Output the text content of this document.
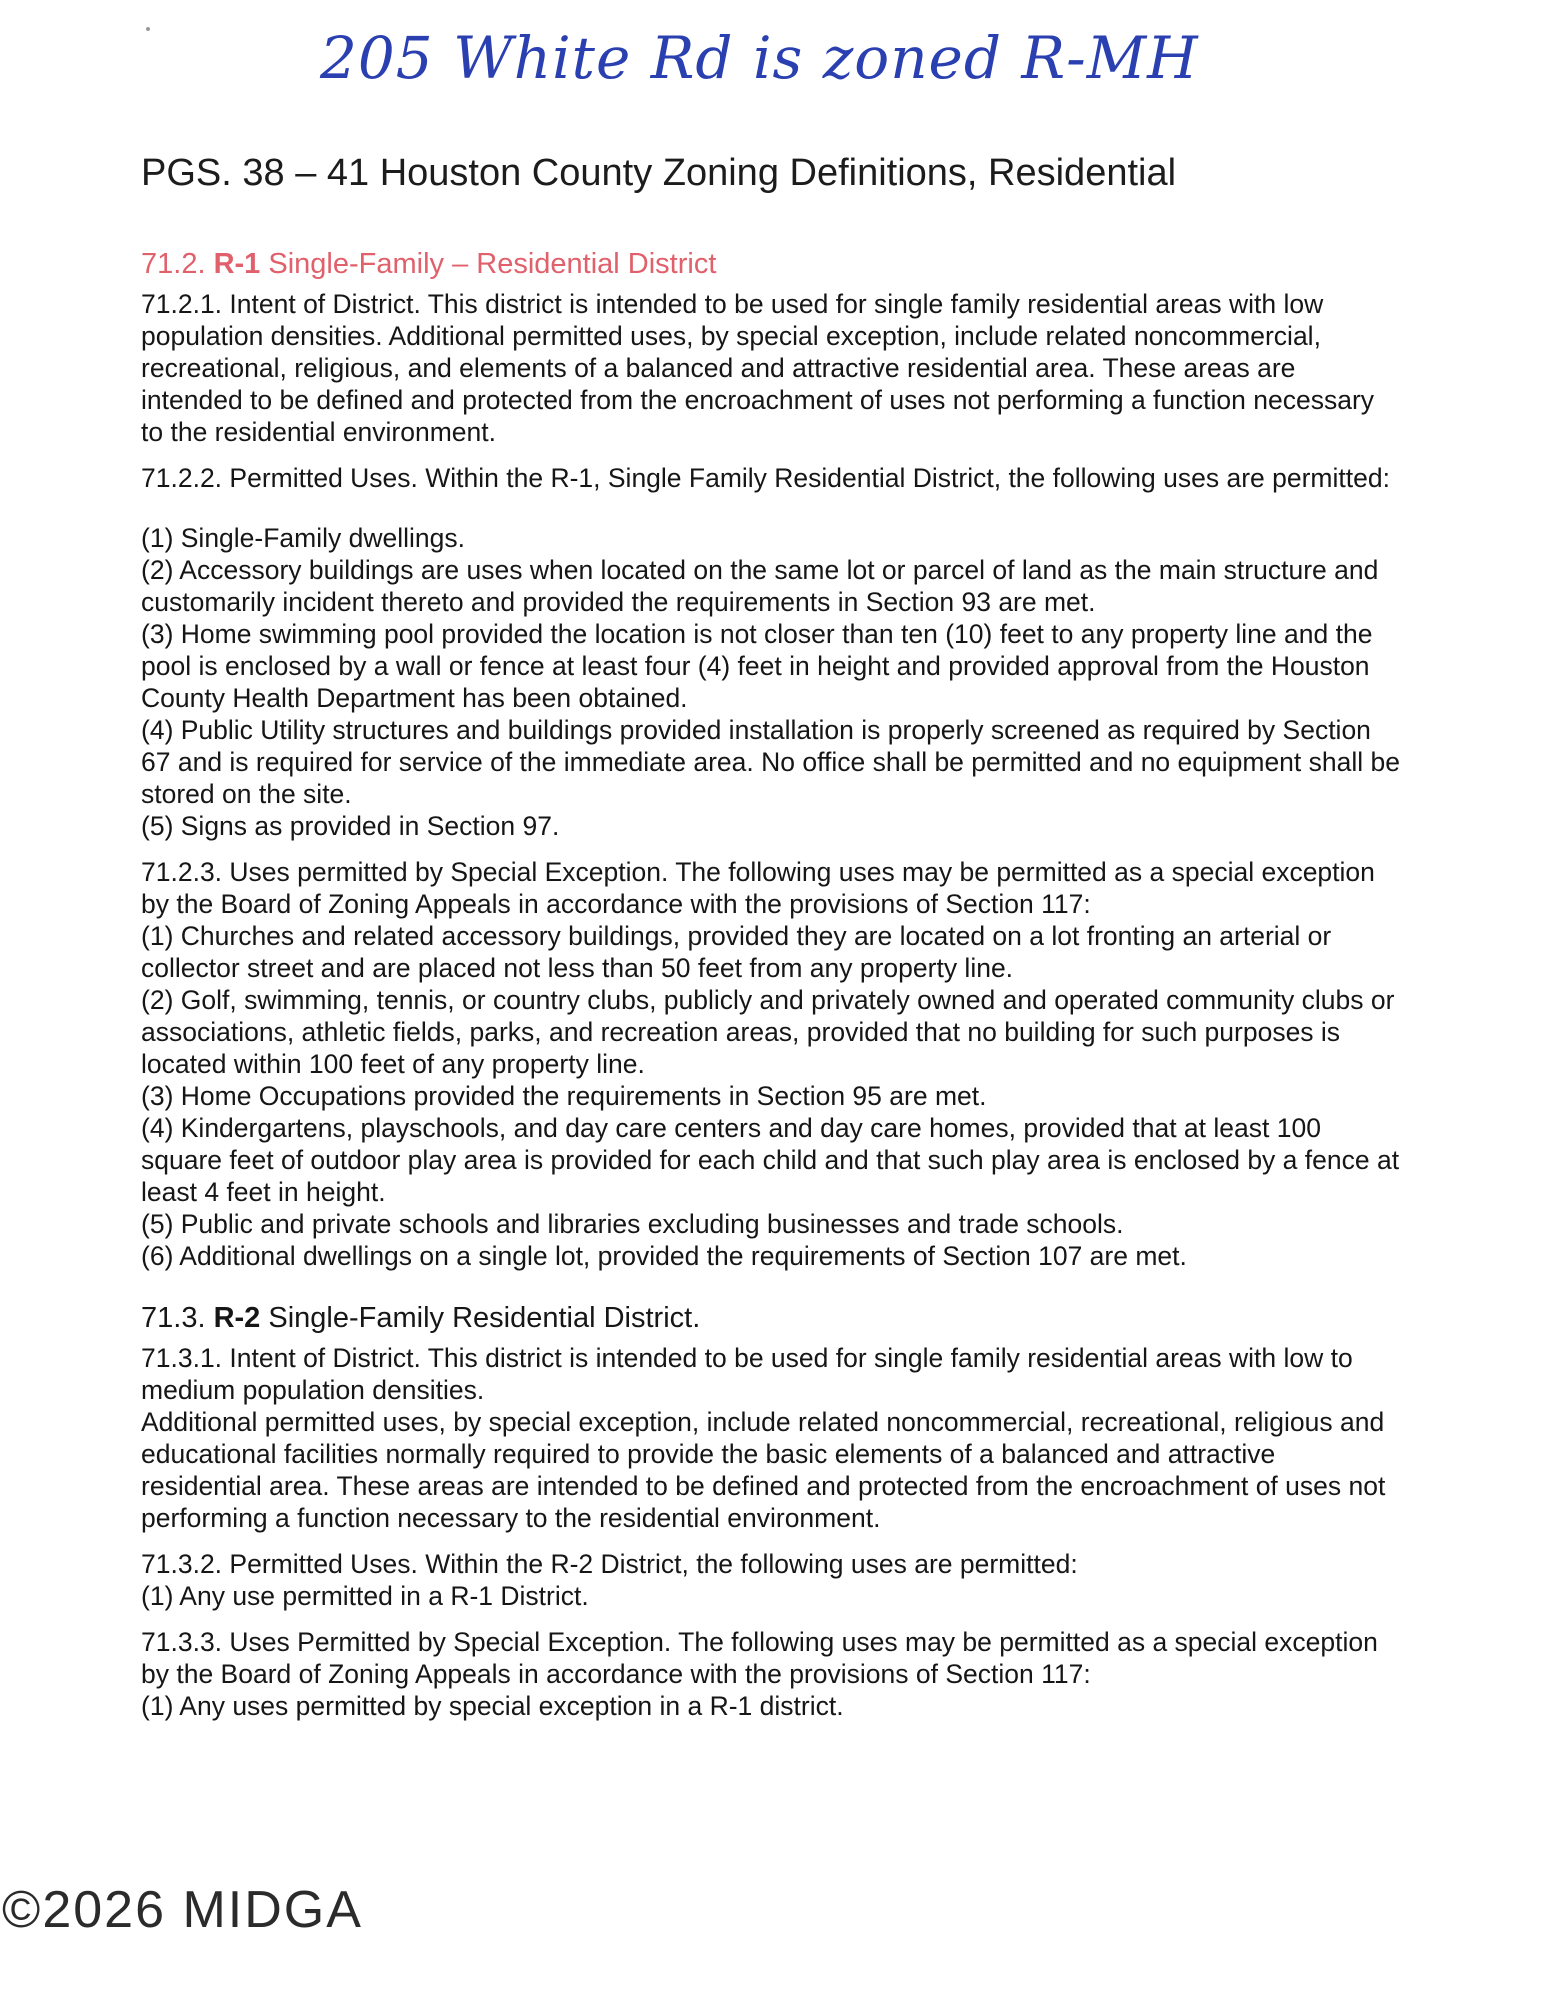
205 White Rd is zoned R-MH
PGS. 38 – 41 Houston County Zoning Definitions, Residential

71.2. R-1 Single-Family – Residential District

71.2.1. Intent of District. This district is intended to be used for single family residential areas with low population densities. Additional permitted uses, by special exception, include related noncommercial, recreational, religious, and elements of a balanced and attractive residential area. These areas are intended to be defined and protected from the encroachment of uses not performing a function necessary to the residential environment.

71.2.2. Permitted Uses. Within the R-1, Single Family Residential District, the following uses are permitted:

(1) Single-Family dwellings.

(2) Accessory buildings are uses when located on the same lot or parcel of land as the main structure and customarily incident thereto and provided the requirements in Section 93 are met.

(3) Home swimming pool provided the location is not closer than ten (10) feet to any property line and the pool is enclosed by a wall or fence at least four (4) feet in height and provided approval from the Houston County Health Department has been obtained.

(4) Public Utility structures and buildings provided installation is properly screened as required by Section 67 and is required for service of the immediate area. No office shall be permitted and no equipment shall be stored on the site.

(5) Signs as provided in Section 97.

71.2.3. Uses permitted by Special Exception. The following uses may be permitted as a special exception by the Board of Zoning Appeals in accordance with the provisions of Section 117:

(1) Churches and related accessory buildings, provided they are located on a lot fronting an arterial or collector street and are placed not less than 50 feet from any property line.

(2) Golf, swimming, tennis, or country clubs, publicly and privately owned and operated community clubs or associations, athletic fields, parks, and recreation areas, provided that no building for such purposes is located within 100 feet of any property line.

(3) Home Occupations provided the requirements in Section 95 are met.

(4) Kindergartens, playschools, and day care centers and day care homes, provided that at least 100 square feet of outdoor play area is provided for each child and that such play area is enclosed by a fence at least 4 feet in height.

(5) Public and private schools and libraries excluding businesses and trade schools.

(6) Additional dwellings on a single lot, provided the requirements of Section 107 are met.

71.3. R-2 Single-Family Residential District.

71.3.1. Intent of District. This district is intended to be used for single family residential areas with low to medium population densities.

Additional permitted uses, by special exception, include related noncommercial, recreational, religious and educational facilities normally required to provide the basic elements of a balanced and attractive residential area. These areas are intended to be defined and protected from the encroachment of uses not performing a function necessary to the residential environment.

71.3.2. Permitted Uses. Within the R-2 District, the following uses are permitted:

(1) Any use permitted in a R-1 District.

71.3.3. Uses Permitted by Special Exception. The following uses may be permitted as a special exception by the Board of Zoning Appeals in accordance with the provisions of Section 117:

(1) Any uses permitted by special exception in a R-1 district.

©2026 MIDGA
